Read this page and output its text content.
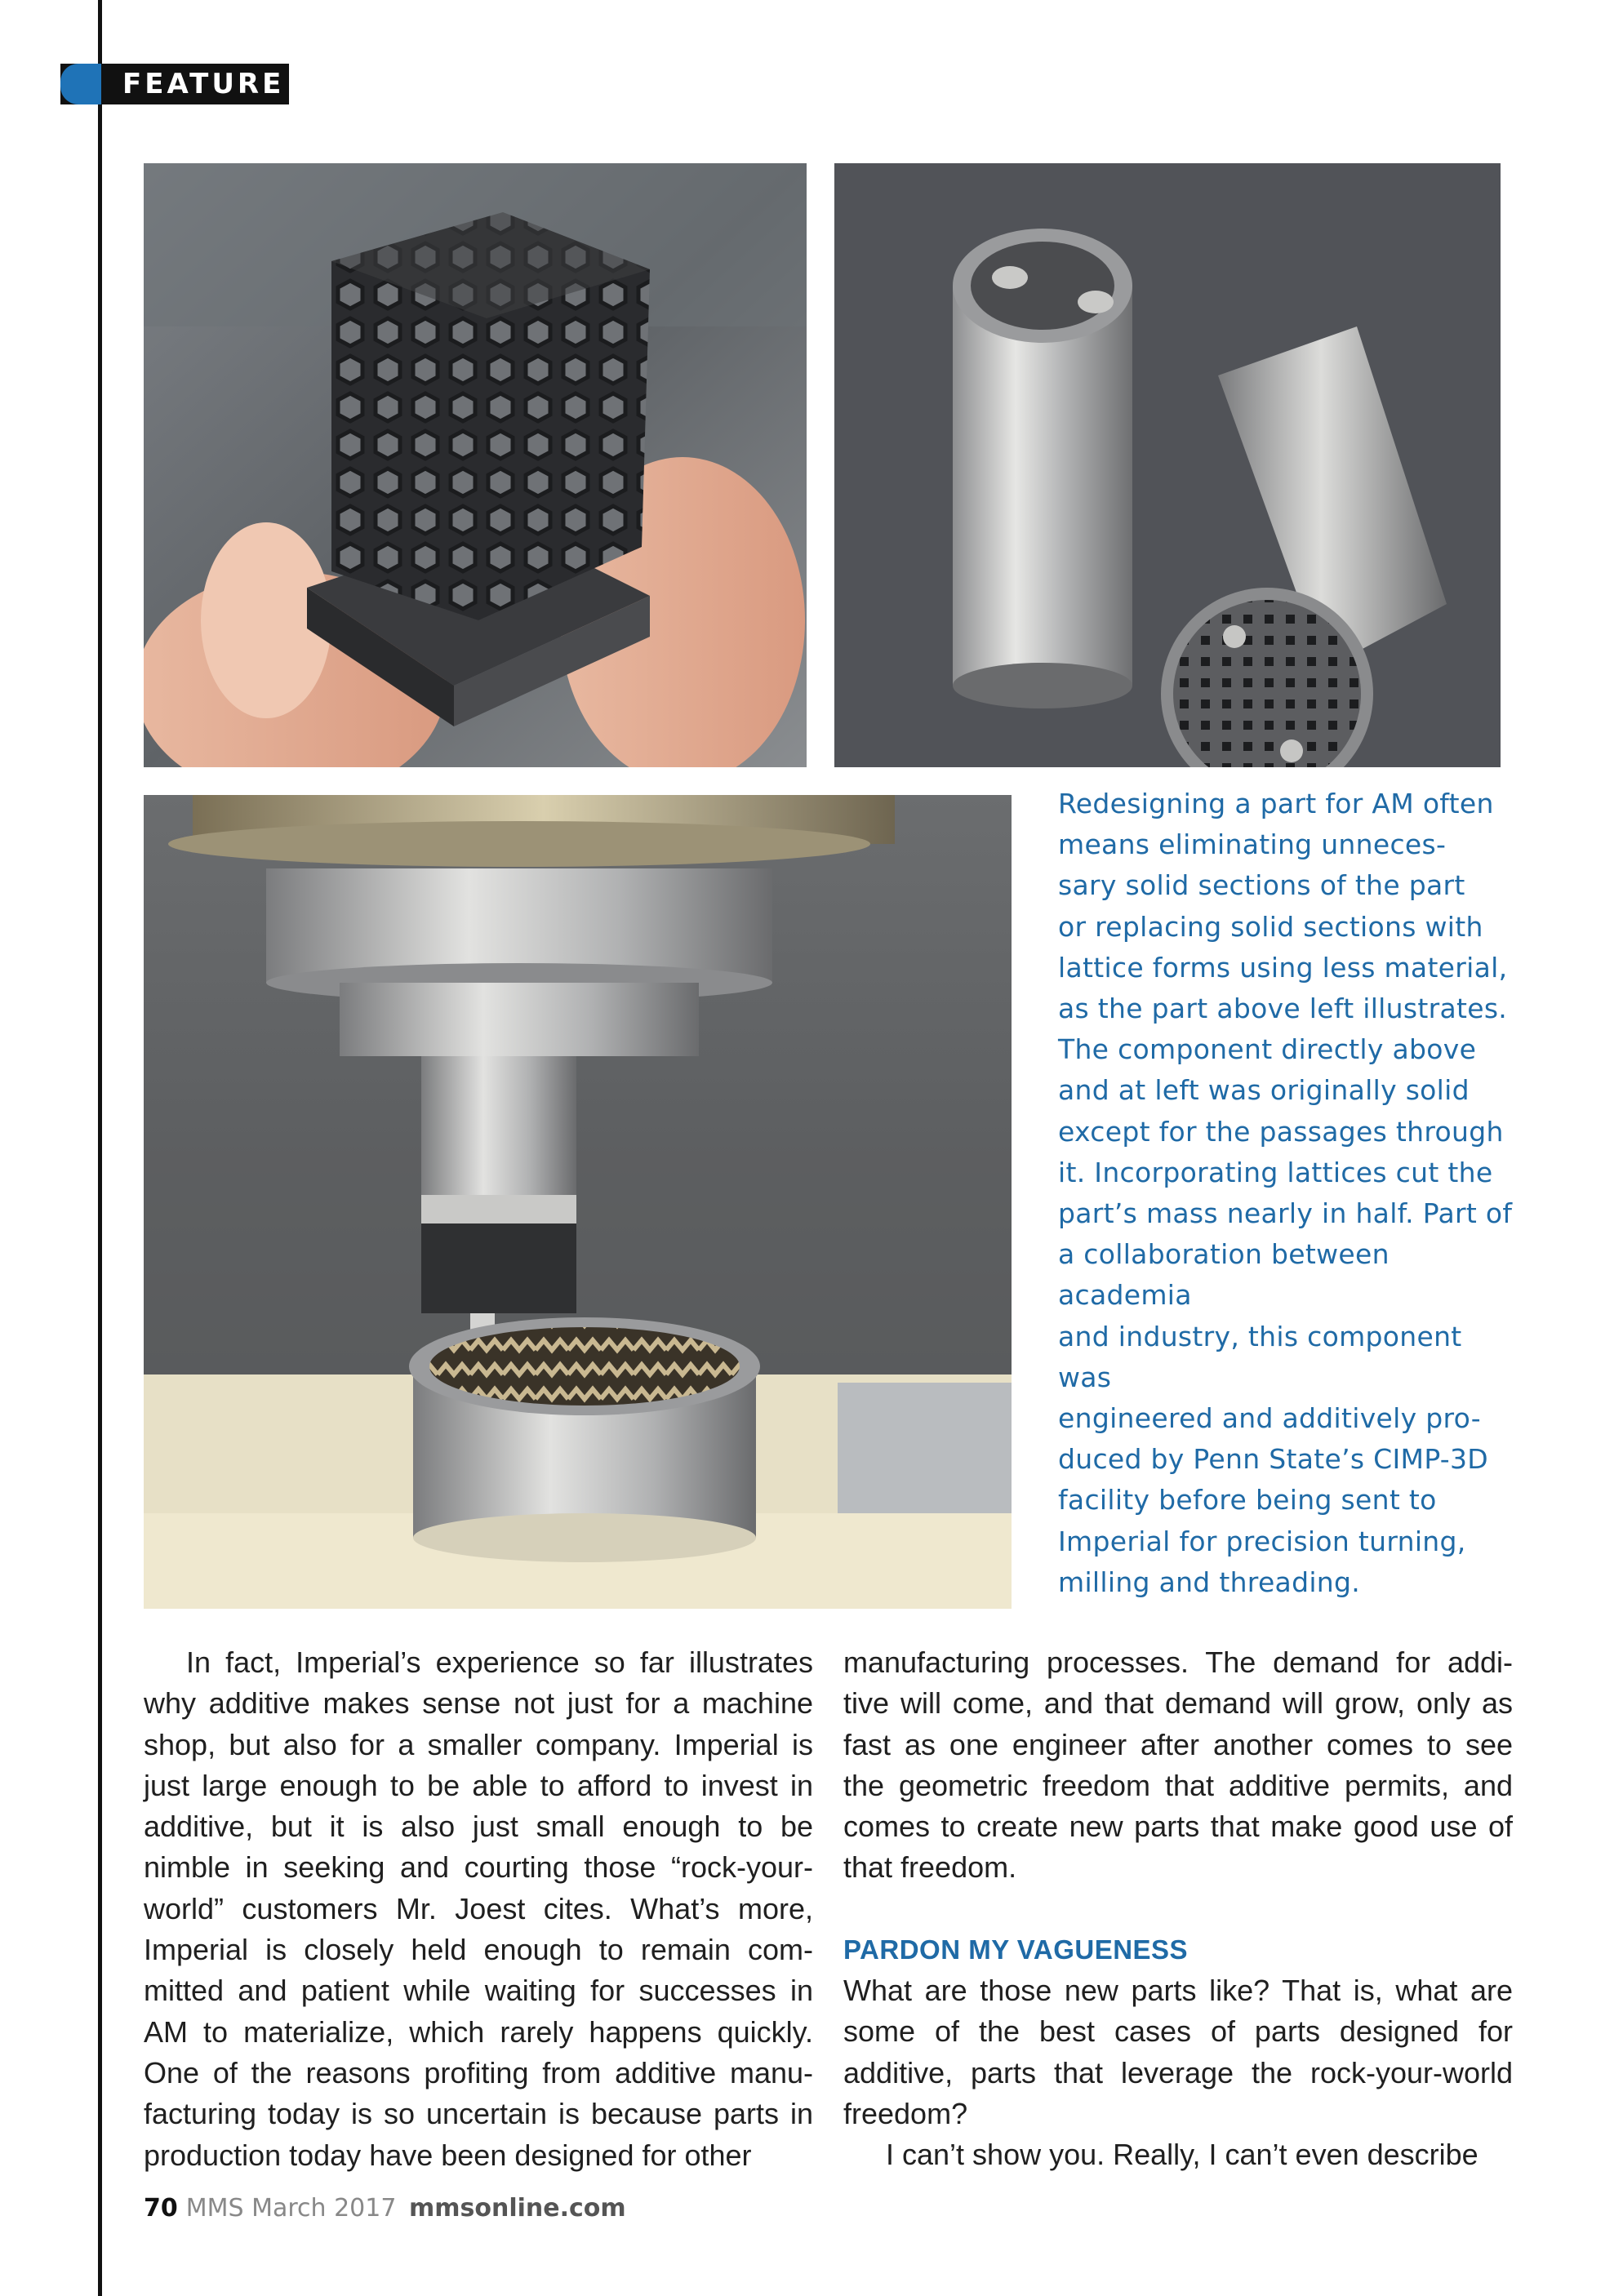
FEATURE

Redesigning a part for AM often

means eliminating unneces-

sary solid sections of the part

or replacing solid sections with

lattice forms using less material,

as the part above left illustrates.

The component directly above

and at left was originally solid

except for the passages through

it. Incorporating lattices cut the

part’s mass nearly in half. Part of

a collaboration between academia

and industry, this component was

engineered and additively pro-

duced by Penn State’s CIMP-3D

facility before being sent to

Imperial for precision turning,

milling and threading.

In fact, Imperial’s experience so far illustrates why additive makes sense not just for a machine shop, but also for a smaller company. Imperial is just large enough to be able to afford to invest in additive, but it is also just small enough to be nimble in seeking and courting those “rock-your-world” customers Mr. Joest cites. What’s more, Imperial is closely held enough to remain com-mitted and patient while waiting for successes in AM to materialize, which rarely happens quickly. One of the reasons profiting from additive manu-facturing today is so uncertain is because parts in production today have been designed for other

manufacturing processes. The demand for addi-tive will come, and that demand will grow, only as fast as one engineer after another comes to see the geometric freedom that additive permits, and comes to create new parts that make good use of that freedom.

PARDON MY VAGUENESS

What are those new parts like? That is, what are some of the best cases of parts designed for additive, parts that leverage the rock-your-world freedom?

I can’t show you. Really, I can’t even describe

70 MMS March 2017 mmsonline.com
